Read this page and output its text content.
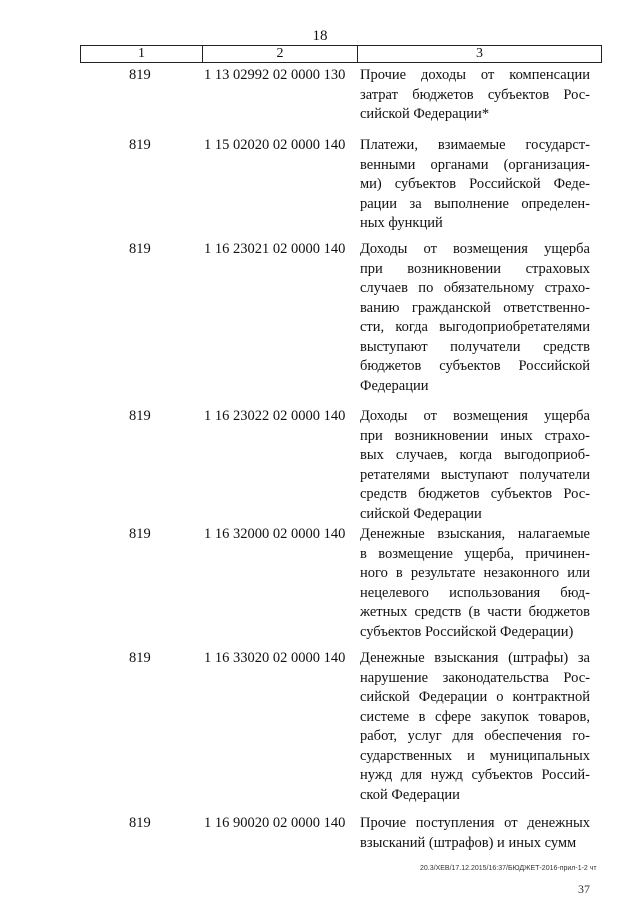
18
1	2	3
819	1 13 02992 02 0000 130	Прочие доходы от компенсации
затрат бюджетов субъектов Рос-
сийской Федерации*
819	1 15 02020 02 0000 140	Платежи, взимаемые государст-
венными органами (организация-
ми) субъектов Российской Феде-
рации за выполнение определен-
ных функций
819	1 16 23021 02 0000 140	Доходы от возмещения ущерба
при возникновении страховых
случаев по обязательному страхо-
ванию гражданской ответственно-
сти, когда выгодоприобретателями
выступают получатели средств
бюджетов субъектов Российской
Федерации
819	1 16 23022 02 0000 140	Доходы от возмещения ущерба
при возникновении иных страхо-
вых случаев, когда выгодоприоб-
ретателями выступают получатели
средств бюджетов субъектов Рос-
сийской Федерации
819	1 16 32000 02 0000 140	Денежные взыскания, налагаемые
в возмещение ущерба, причинен-
ного в результате незаконного или
нецелевого использования бюд-
жетных средств (в части бюджетов
субъектов Российской Федерации)
819	1 16 33020 02 0000 140	Денежные взыскания (штрафы) за
нарушение законодательства Рос-
сийской Федерации о контрактной
системе в сфере закупок товаров,
работ, услуг для обеспечения го-
сударственных и муниципальных
нужд для нужд субъектов Россий-
ской Федерации
819	1 16 90020 02 0000 140	Прочие поступления от денежных
взысканий (штрафов) и иных сумм
20.3/ХЕВ/17.12.2015/16:37/БЮДЖЕТ-2016-прил-1-2 чт
37
